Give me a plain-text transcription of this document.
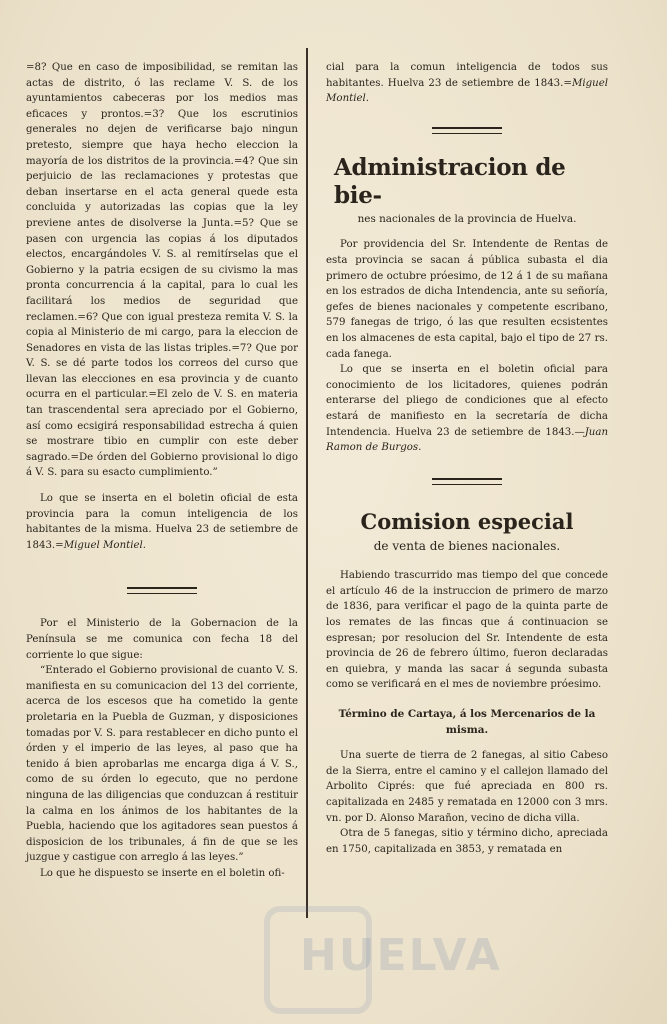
=8? Que en caso de imposibilidad, se remitan las actas de distrito, ó las reclame V. S. de los ayuntamientos cabeceras por los medios mas eficaces y prontos.=3? Que los escrutinios generales no dejen de verificarse bajo ningun pretesto, siempre que haya hecho eleccion la mayoría de los distritos de la provincia.=4? Que sin perjuicio de las reclamaciones y protestas que deban insertarse en el acta general quede esta concluida y autorizadas las copias que la ley previene antes de disolverse la Junta.=5? Que se pasen con urgencia las copias á los diputados electos, encargándoles V. S. al remitírselas que el Gobierno y la patria ecsigen de su civismo la mas pronta concurrencia á la capital, para lo cual les facilitará los medios de seguridad que reclamen.=6? Que con igual presteza remita V. S. la copia al Ministerio de mi cargo, para la eleccion de Senadores en vista de las listas triples.=7? Que por V. S. se dé parte todos los correos del curso que llevan las elecciones en esa provincia y de cuanto ocurra en el particular.=El zelo de V. S. en materia tan trascendental sera apreciado por el Gobierno, así como ecsigirá responsabilidad estrecha á quien se mostrare tibio en cumplir con este deber sagrado.=De órden del Gobierno provisional lo digo á V. S. para su esacto cumplimiento.”

Lo que se inserta en el boletin oficial de esta provincia para la comun inteligencia de los habitantes de la misma. Huelva 23 de setiembre de 1843.=Miguel Montiel.

Por el Ministerio de la Gobernacion de la Península se me comunica con fecha 18 del corriente lo que sigue:

“Enterado el Gobierno provisional de cuanto V. S. manifiesta en su comunicacion del 13 del corriente, acerca de los escesos que ha cometido la gente proletaria en la Puebla de Guzman, y disposiciones tomadas por V. S. para restablecer en dicho punto el órden y el imperio de las leyes, al paso que ha tenido á bien aprobarlas me encarga diga á V. S., como de su órden lo egecuto, que no perdone ninguna de las diligencias que conduzcan á restituir la calma en los ánimos de los habitantes de la Puebla, haciendo que los agitadores sean puestos á disposicion de los tribunales, á fin de que se les juzgue y castigue con arreglo á las leyes.”

Lo que he dispuesto se inserte en el boletin ofi-

cial para la comun inteligencia de todos sus habitantes. Huelva 23 de setiembre de 1843.=Miguel Montiel.

Administracion de bie-

nes nacionales de la provincia de Huelva.

Por providencia del Sr. Intendente de Rentas de esta provincia se sacan á pública subasta el dia primero de octubre próesimo, de 12 á 1 de su mañana en los estrados de dicha Intendencia, ante su señoría, gefes de bienes nacionales y competente escribano, 579 fanegas de trigo, ó las que resulten ecsistentes en los almacenes de esta capital, bajo el tipo de 27 rs. cada fanega.

Lo que se inserta en el boletin oficial para conocimiento de los licitadores, quienes podrán enterarse del pliego de condiciones que al efecto estará de manifiesto en la secretaría de dicha Intendencia. Huelva 23 de setiembre de 1843.—Juan Ramon de Burgos.

Comision especial

de venta de bienes nacionales.

Habiendo trascurrido mas tiempo del que concede el artículo 46 de la instruccion de primero de marzo de 1836, para verificar el pago de la quinta parte de los remates de las fincas que á continuacion se espresan; por resolucion del Sr. Intendente de esta provincia de 26 de febrero último, fueron declaradas en quiebra, y manda las sacar á segunda subasta como se verificará en el mes de noviembre próesimo.

Término de Cartaya, á los Mercenarios de la misma.

Una suerte de tierra de 2 fanegas, al sitio Cabeso de la Sierra, entre el camino y el callejon llamado del Arbolito Ciprés: que fué apreciada en 800 rs. capitalizada en 2485 y rematada en 12000 con 3 mrs. vn. por D. Alonso Marañon, vecino de dicha villa.

Otra de 5 fanegas, sitio y término dicho, apreciada en 1750, capitalizada en 3853, y rematada en

HUELVA
